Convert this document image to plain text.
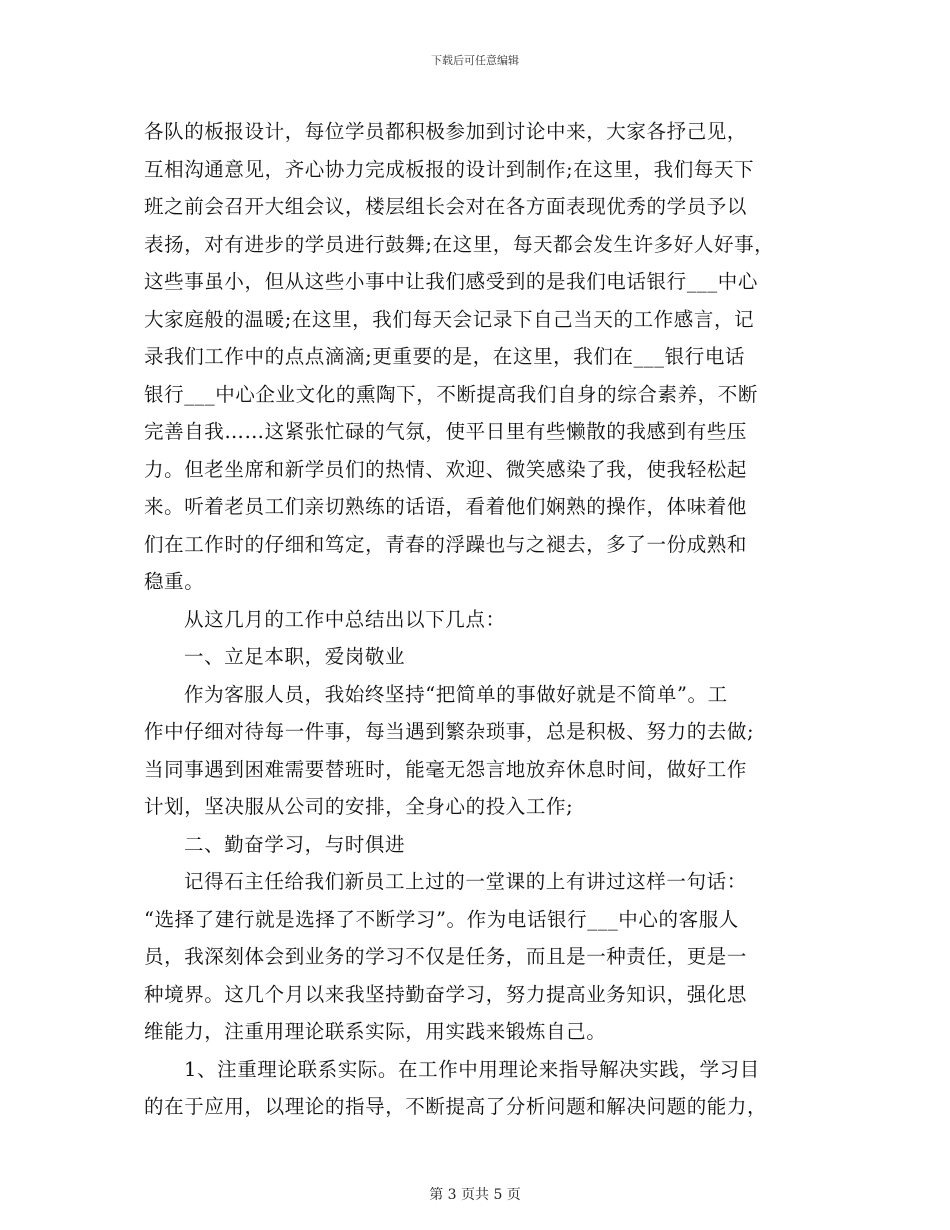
下载后可任意编辑
各队的板报设计，每位学员都积极参加到讨论中来，大家各抒己见，
互相沟通意见，齐心协力完成板报的设计到制作;在这里，我们每天下
班之前会召开大组会议，楼层组长会对在各方面表现优秀的学员予以
表扬，对有进步的学员进行鼓舞;在这里，每天都会发生许多好人好事，
这些事虽小，但从这些小事中让我们感受到的是我们电话银行___中心
大家庭般的温暖;在这里，我们每天会记录下自己当天的工作感言，记
录我们工作中的点点滴滴;更重要的是，在这里，我们在___银行电话
银行___中心企业文化的熏陶下，不断提高我们自身的综合素养，不断
完善自我……这紧张忙碌的气氛，使平日里有些懒散的我感到有些压
力。但老坐席和新学员们的热情、欢迎、微笑感染了我，使我轻松起
来。听着老员工们亲切熟练的话语，看着他们娴熟的操作，体味着他
们在工作时的仔细和笃定，青春的浮躁也与之褪去，多了一份成熟和
稳重。
从这几月的工作中总结出以下几点：
一、立足本职，爱岗敬业
作为客服人员，我始终坚持“把简单的事做好就是不简单”。工
作中仔细对待每一件事，每当遇到繁杂琐事，总是积极、努力的去做;
当同事遇到困难需要替班时，能毫无怨言地放弃休息时间，做好工作
计划，坚决服从公司的安排，全身心的投入工作;
二、勤奋学习，与时俱进
记得石主任给我们新员工上过的一堂课的上有讲过这样一句话：
“选择了建行就是选择了不断学习”。作为电话银行___中心的客服人
员，我深刻体会到业务的学习不仅是任务，而且是一种责任，更是一
种境界。这几个月以来我坚持勤奋学习，努力提高业务知识，强化思
维能力，注重用理论联系实际，用实践来锻炼自己。
1、注重理论联系实际。在工作中用理论来指导解决实践，学习目
的在于应用，以理论的指导，不断提高了分析问题和解决问题的能力，
第 3 页共 5 页
